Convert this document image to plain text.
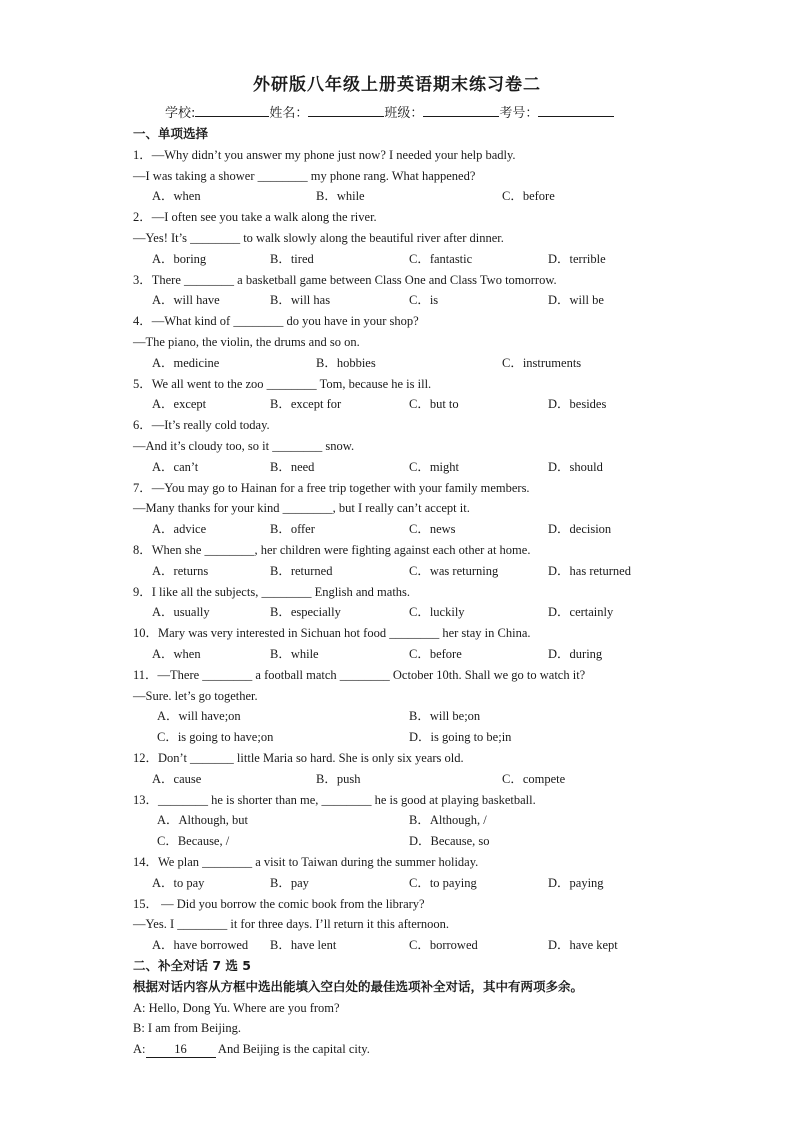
外研版八年级上册英语期末练习卷二
学校:	姓名：	班级：	考号：
一、单项选择
1．—Why didn’t you answer my phone just now? I needed your help badly.
—I was taking a shower ________ my phone rang. What happened?
A．when	B．while	C．before
2．—I often see you take a walk along the river.
—Yes! It’s ________ to walk slowly along the beautiful river after dinner.
A．boring	B．tired	C．fantastic	D．terrible
3．There ________ a basketball game between Class One and Class Two tomorrow.
A．will have	B．will has	C．is	D．will be
4．—What kind of ________ do you have in your shop?
—The piano, the violin, the drums and so on.
A．medicine	B．hobbies	C．instruments
5．We all went to the zoo ________ Tom, because he is ill.
A．except	B．except for	C．but to	D．besides
6．—It’s really cold today.
—And it’s cloudy too, so it ________ snow.
A．can’t	B．need	C．might	D．should
7．—You may go to Hainan for a free trip together with your family members.
—Many thanks for your kind ________, but I really can’t accept it.
A．advice	B．offer	C．news	D．decision
8．When she ________, her children were fighting against each other at home.
A．returns	B．returned	C．was returning	D．has returned
9．I like all the subjects, ________ English and maths.
A．usually	B．especially	C．luckily	D．certainly
10．Mary was very interested in Sichuan hot food ________ her stay in China.
A．when	B．while	C．before	D．during
11．—There ________ a football match ________ October 10th. Shall we go to watch it?
—Sure. let’s go together.
A．will have;on	B．will be;on
C．is going to have;on	D．is going to be;in
12．Don’t _______ little Maria so hard. She is only six years old.
A．cause	B．push	C．compete
13．________ he is shorter than me, ________ he is good at playing basketball.
A．Although, but	B．Although, /
C．Because, /	D．Because, so
14．We plan ________ a visit to Taiwan during the summer holiday.
A．to pay	B．pay	C．to paying	D．paying
15． — Did you borrow the comic book from the library?
—Yes. I ________ it for three days. I’ll return it this afternoon.
A．have borrowed B．have lent	C．borrowed	D．have kept
二、补全对话 7 选 5
根据对话内容从方框中选出能填入空白处的最佳选项补全对话，其中有两项多余。
A: Hello, Dong Yu. Where are you from?
B: I am from Beijing.
A: 16 And Beijing is the capital city.
